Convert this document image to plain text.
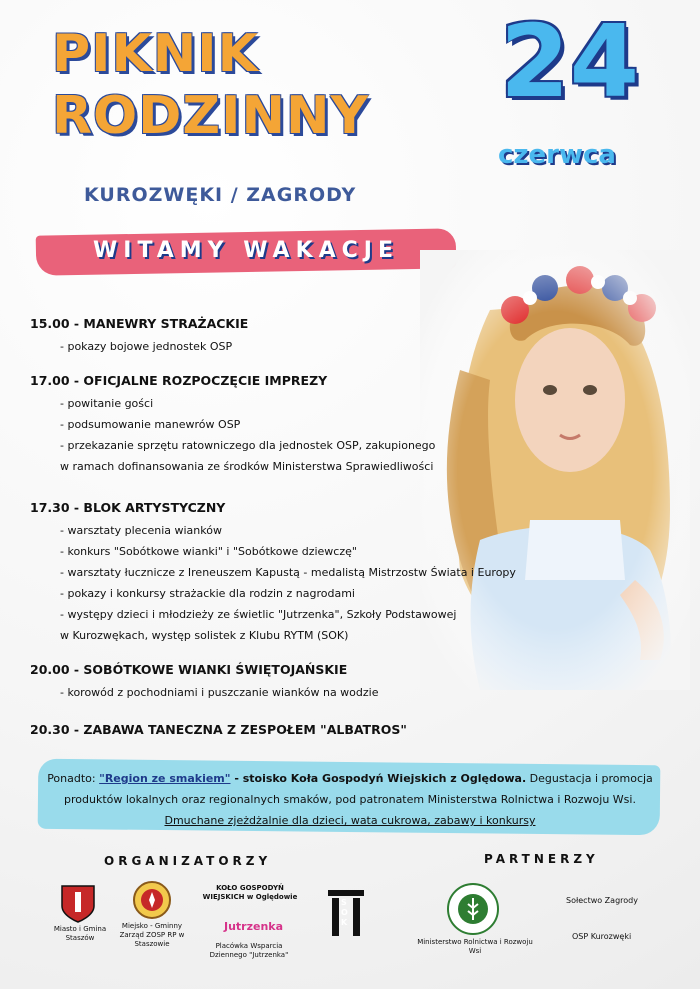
PIKNIK
RODZINNY
KUROZWĘKI / ZAGRODY
24
czerwca
WITAMY WAKACJE
15.00 - MANEWRY STRAŻACKIE
- pokazy bojowe jednostek OSP
17.00 - OFICJALNE ROZPOCZĘCIE IMPREZY
- powitanie gości
- podsumowanie manewrów OSP
- przekazanie sprzętu ratowniczego dla jednostek OSP, zakupionego
w ramach dofinansowania ze środków Ministerstwa Sprawiedliwości
17.30 - BLOK ARTYSTYCZNY
- warsztaty plecenia wianków
- konkurs "Sobótkowe wianki" i "Sobótkowe dziewczę"
- warsztaty łucznicze z Ireneuszem Kapustą - medalistą Mistrzostw Świata i Europy
- pokazy i konkursy strażackie dla rodzin z nagrodami
- występy dzieci i młodzieży ze świetlic "Jutrzenka", Szkoły Podstawowej
w Kurozwękach, występ solistek z Klubu RYTM (SOK)
20.00 - SOBÓTKOWE WIANKI ŚWIĘTOJAŃSKIE
- korowód z pochodniami i puszczanie wianków na wodzie
20.30 - ZABAWA TANECZNA Z ZESPOŁEM "ALBATROS"
Ponadto: "Region ze smakiem" - stoisko Koła Gospodyń Wiejskich z Oględowa. Degustacja i promocja
produktów lokalnych oraz regionalnych smaków, pod patronatem Ministerstwa Rolnictwa i Rozwoju Wsi.
Dmuchane zjeżdżalnie dla dzieci, wata cukrowa, zabawy i konkursy
ORGANIZATORZY	PARTNERZY
Miasto i Gmina Staszów
Miejsko - Gminny Zarząd ZOSP RP w Staszowie
KOŁO GOSPODYŃ WIEJSKICH w Oględowie
Jutrzenka
Placówka Wsparcia Dziennego "Jutrzenka"
SOK
Ministerstwo Rolnictwa i Rozwoju Wsi
Sołectwo Zagrody
OSP Kurozwęki
